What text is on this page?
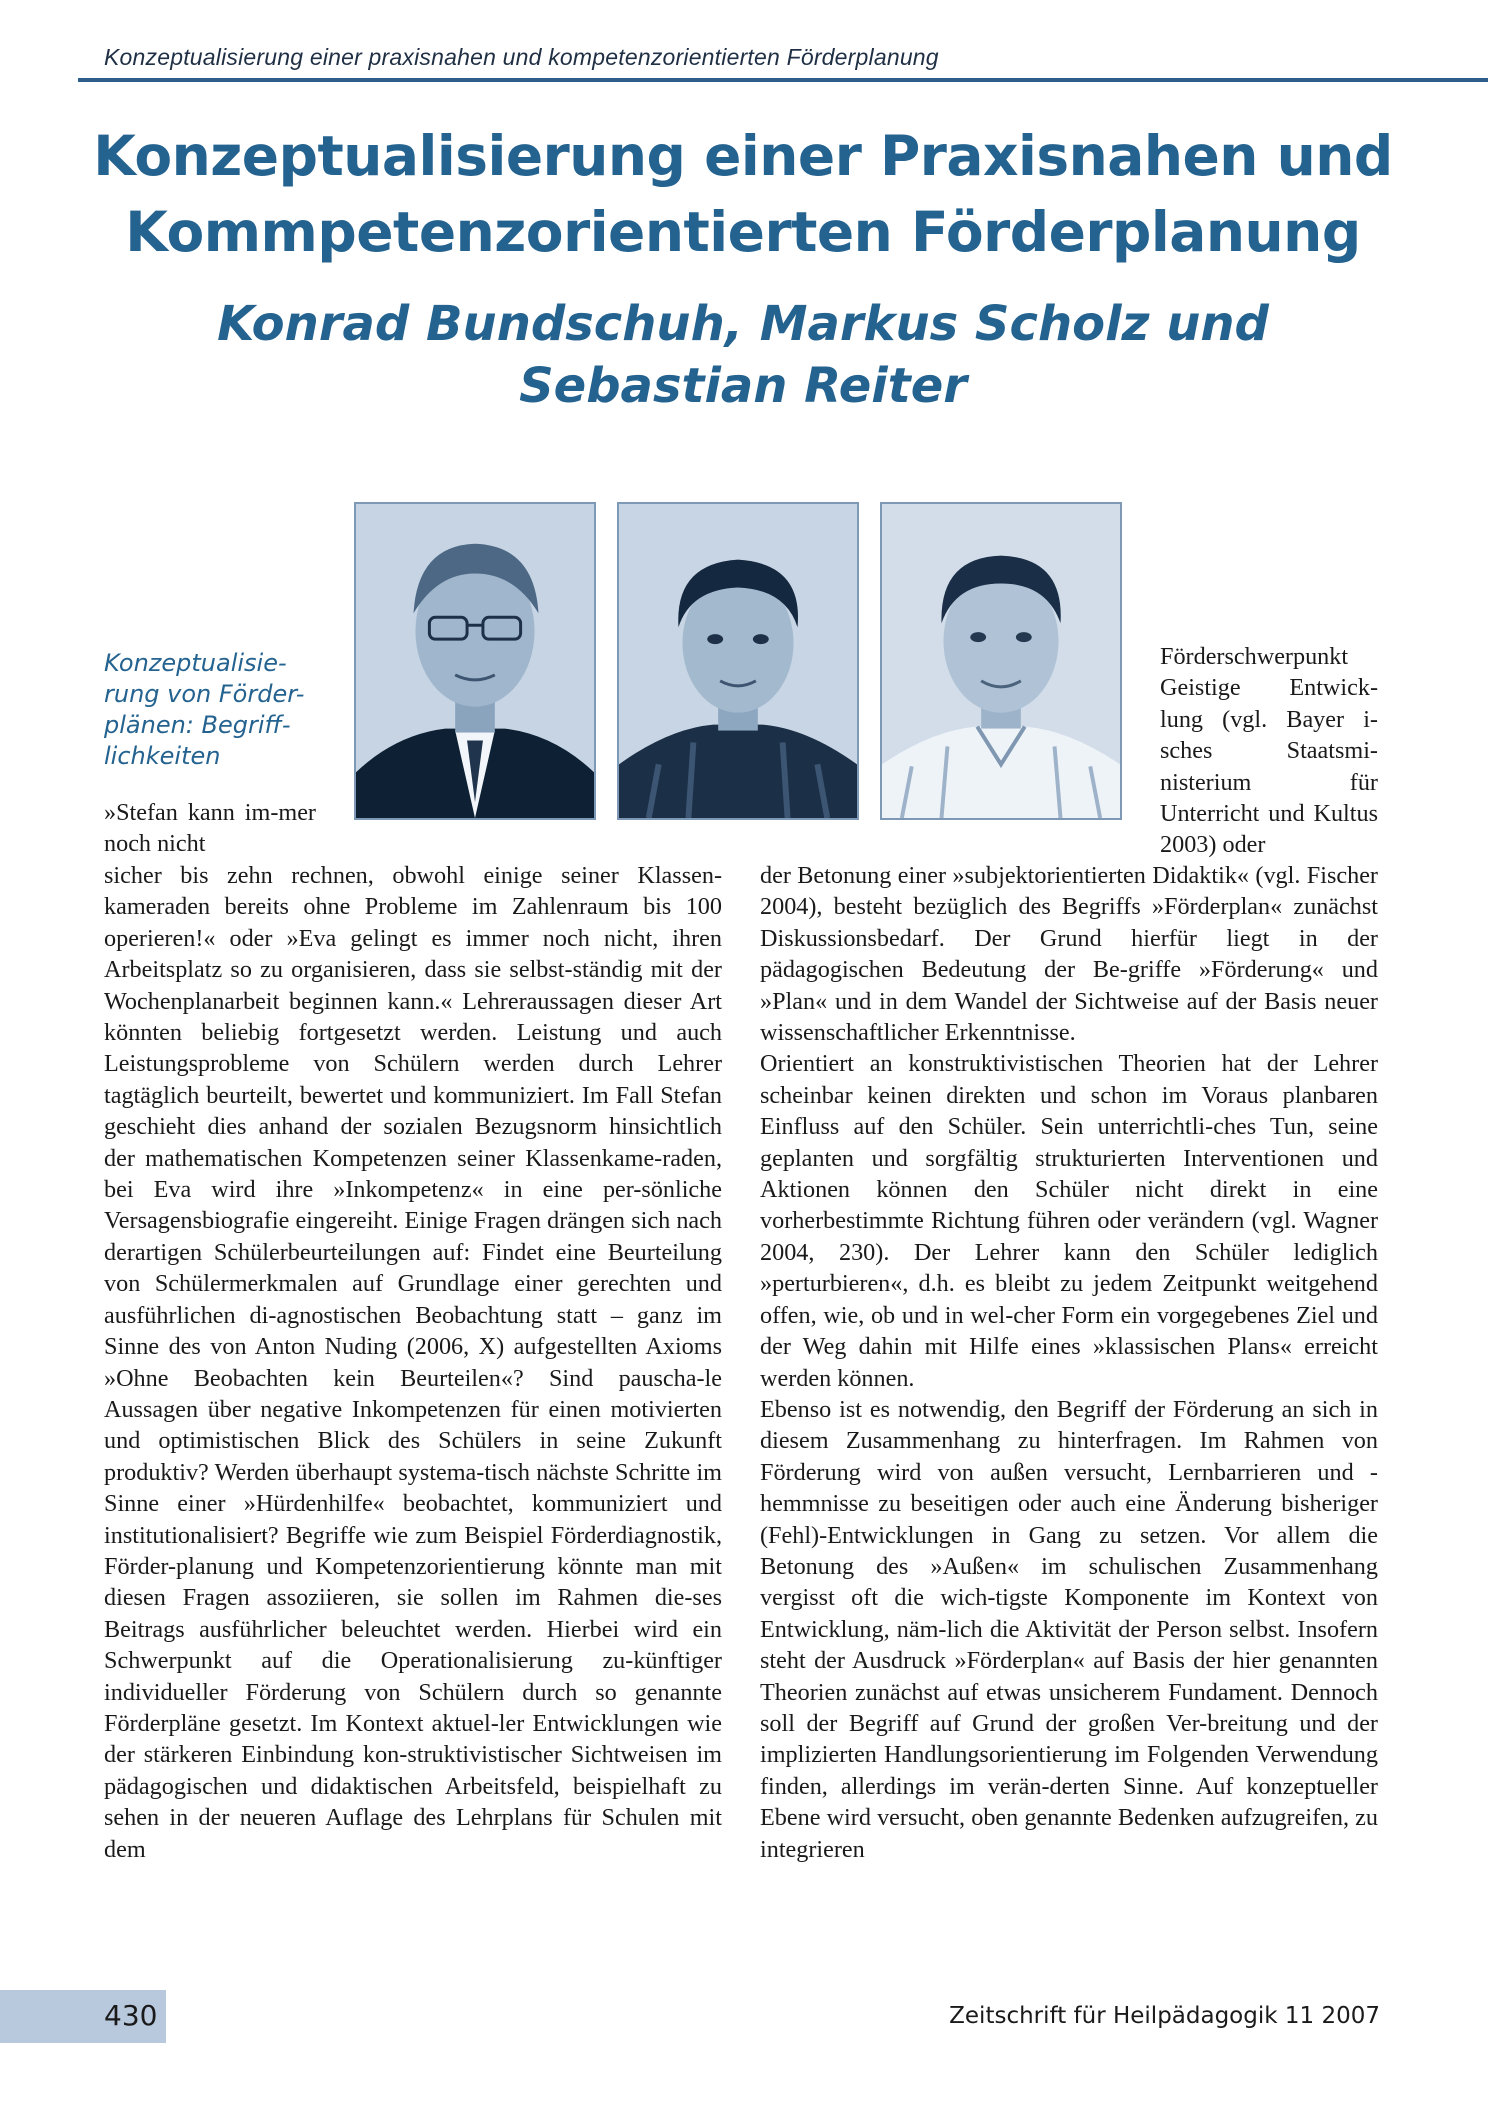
Konzeptualisierung einer praxisnahen und kompetenzorientierten Förderplanung
Konzeptualisierung einer Praxisnahen und
Kommpetenzorientierten Förderplanung
Konrad Bundschuh, Markus Scholz und
Sebastian Reiter

Konzeptualisie-rung von Förder-plänen: Begriff-lichkeiten

»Stefan kann im-mer noch nicht

sicher bis zehn rechnen, obwohl einige seiner Klassen-kameraden bereits ohne Probleme im Zahlenraum bis 100 operieren!« oder »Eva gelingt es immer noch nicht, ihren Arbeitsplatz so zu organisieren, dass sie selbst-ständig mit der Wochenplanarbeit beginnen kann.« Lehreraussagen dieser Art könnten beliebig fortgesetzt werden. Leistung und auch Leistungsprobleme von Schülern werden durch Lehrer tagtäglich beurteilt, bewertet und kommuniziert. Im Fall Stefan geschieht dies anhand der sozialen Bezugsnorm hinsichtlich der mathematischen Kompetenzen seiner Klassenkame-raden, bei Eva wird ihre »Inkompetenz« in eine per-sönliche Versagensbiografie eingereiht. Einige Fragen drängen sich nach derartigen Schülerbeurteilungen auf: Findet eine Beurteilung von Schülermerkmalen auf Grundlage einer gerechten und ausführlichen di-agnostischen Beobachtung statt – ganz im Sinne des von Anton Nuding (2006, X) aufgestellten Axioms »Ohne Beobachten kein Beurteilen«? Sind pauscha-le Aussagen über negative Inkompetenzen für einen motivierten und optimistischen Blick des Schülers in seine Zukunft produktiv? Werden überhaupt systema-tisch nächste Schritte im Sinne einer »Hürdenhilfe« beobachtet, kommuniziert und institutionalisiert? Begriffe wie zum Beispiel Förderdiagnostik, Förder-planung und Kompetenzorientierung könnte man mit diesen Fragen assoziieren, sie sollen im Rahmen die-ses Beitrags ausführlicher beleuchtet werden. Hierbei wird ein Schwerpunkt auf die Operationalisierung zu-künftiger individueller Förderung von Schülern durch so genannte Förderpläne gesetzt. Im Kontext aktuel-ler Entwicklungen wie der stärkeren Einbindung kon-struktivistischer Sichtweisen im pädagogischen und didaktischen Arbeitsfeld, beispielhaft zu sehen in der neueren Auflage des Lehrplans für Schulen mit dem

Förderschwerpunkt Geistige Entwick-lung (vgl. Bayer i-sches Staatsmi-nisterium für Unterricht und Kultus 2003) oder

der Betonung einer »subjektorientierten Didaktik« (vgl. Fischer 2004), besteht bezüglich des Begriffs »Förderplan« zunächst Diskussionsbedarf. Der Grund hierfür liegt in der pädagogischen Bedeutung der Be-griffe »Förderung« und »Plan« und in dem Wandel der Sichtweise auf der Basis neuer wissenschaftlicher Erkenntnisse.
Orientiert an konstruktivistischen Theorien hat der Lehrer scheinbar keinen direkten und schon im Voraus planbaren Einfluss auf den Schüler. Sein unterrichtli-ches Tun, seine geplanten und sorgfältig strukturierten Interventionen und Aktionen können den Schüler nicht direkt in eine vorherbestimmte Richtung führen oder verändern (vgl. Wagner 2004, 230). Der Lehrer kann den Schüler lediglich »perturbieren«, d.h. es bleibt zu jedem Zeitpunkt weitgehend offen, wie, ob und in wel-cher Form ein vorgegebenes Ziel und der Weg dahin mit Hilfe eines »klassischen Plans« erreicht werden können.
Ebenso ist es notwendig, den Begriff der Förderung an sich in diesem Zusammenhang zu hinterfragen. Im Rahmen von Förderung wird von außen versucht, Lernbarrieren und -hemmnisse zu beseitigen oder auch eine Änderung bisheriger (Fehl)-Entwicklungen in Gang zu setzen. Vor allem die Betonung des »Außen« im schulischen Zusammenhang vergisst oft die wich-tigste Komponente im Kontext von Entwicklung, näm-lich die Aktivität der Person selbst. Insofern steht der Ausdruck »Förderplan« auf Basis der hier genannten Theorien zunächst auf etwas unsicherem Fundament. Dennoch soll der Begriff auf Grund der großen Ver-breitung und der implizierten Handlungsorientierung im Folgenden Verwendung finden, allerdings im verän-derten Sinne. Auf konzeptueller Ebene wird versucht, oben genannte Bedenken aufzugreifen, zu integrieren

430	Zeitschrift für Heilpädagogik 11 2007
